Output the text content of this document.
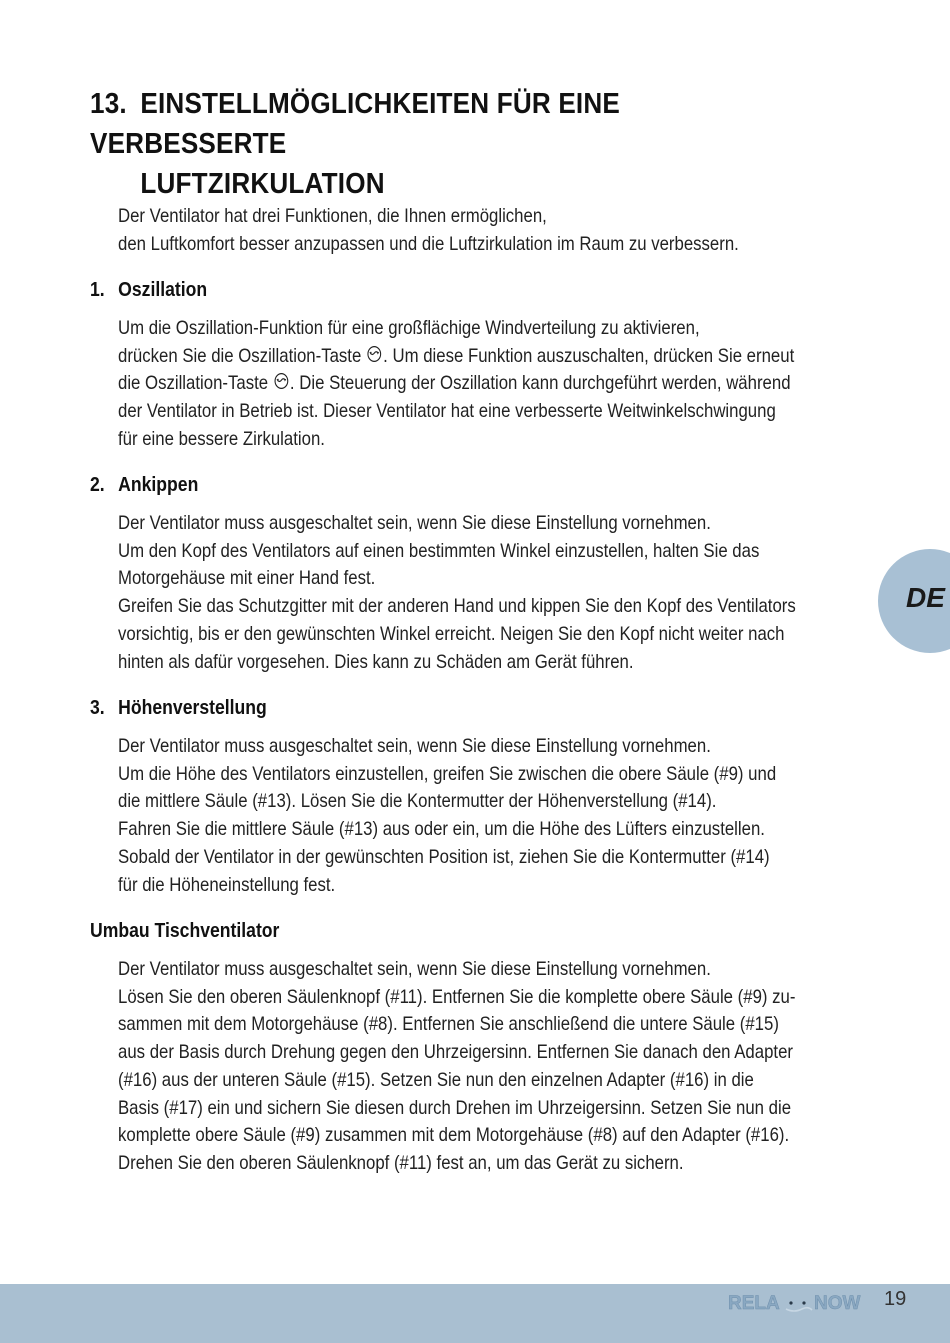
13. EINSTELLMÖGLICHKEITEN FÜR EINE VERBESSERTE
LUFTZIRKULATION
Der Ventilator hat drei Funktionen, die Ihnen ermöglichen,
den Luftkomfort besser anzupassen und die Luftzirkulation im Raum zu verbessern.
1. Oszillation
Um die Oszillation-Funktion für eine großflächige Windverteilung zu aktivieren,
drücken Sie die Oszillation-Taste . Um diese Funktion auszuschalten, drücken Sie erneut
die Oszillation-Taste . Die Steuerung der Oszillation kann durchgeführt werden, während
der Ventilator in Betrieb ist. Dieser Ventilator hat eine verbesserte Weitwinkelschwingung
für eine bessere Zirkulation.
2. Ankippen
Der Ventilator muss ausgeschaltet sein, wenn Sie diese Einstellung vornehmen.
Um den Kopf des Ventilators auf einen bestimmten Winkel einzustellen, halten Sie das
Motorgehäuse mit einer Hand fest.
Greifen Sie das Schutzgitter mit der anderen Hand und kippen Sie den Kopf des Ventilators
vorsichtig, bis er den gewünschten Winkel erreicht. Neigen Sie den Kopf nicht weiter nach
hinten als dafür vorgesehen. Dies kann zu Schäden am Gerät führen.
3. Höhenverstellung
Der Ventilator muss ausgeschaltet sein, wenn Sie diese Einstellung vornehmen.
Um die Höhe des Ventilators einzustellen, greifen Sie zwischen die obere Säule (#9) und
die mittlere Säule (#13). Lösen Sie die Kontermutter der Höhenverstellung (#14).
Fahren Sie die mittlere Säule (#13) aus oder ein, um die Höhe des Lüfters einzustellen.
Sobald der Ventilator in der gewünschten Position ist, ziehen Sie die Kontermutter (#14)
für die Höheneinstellung fest.
Umbau Tischventilator
Der Ventilator muss ausgeschaltet sein, wenn Sie diese Einstellung vornehmen.
Lösen Sie den oberen Säulenknopf (#11). Entfernen Sie die komplette obere Säule (#9) zu-
sammen mit dem Motorgehäuse (#8). Entfernen Sie anschließend die untere Säule (#15)
aus der Basis durch Drehung gegen den Uhrzeigersinn. Entfernen Sie danach den Adapter
(#16) aus der unteren Säule (#15). Setzen Sie nun den einzelnen Adapter (#16) in die
Basis (#17) ein und sichern Sie diesen durch Drehen im Uhrzeigersinn. Setzen Sie nun die
komplette obere Säule (#9) zusammen mit dem Motorgehäuse (#8) auf den Adapter (#16).
Drehen Sie den oberen Säulenknopf (#11) fest an, um das Gerät zu sichern.
DE
RELA NOW 19
